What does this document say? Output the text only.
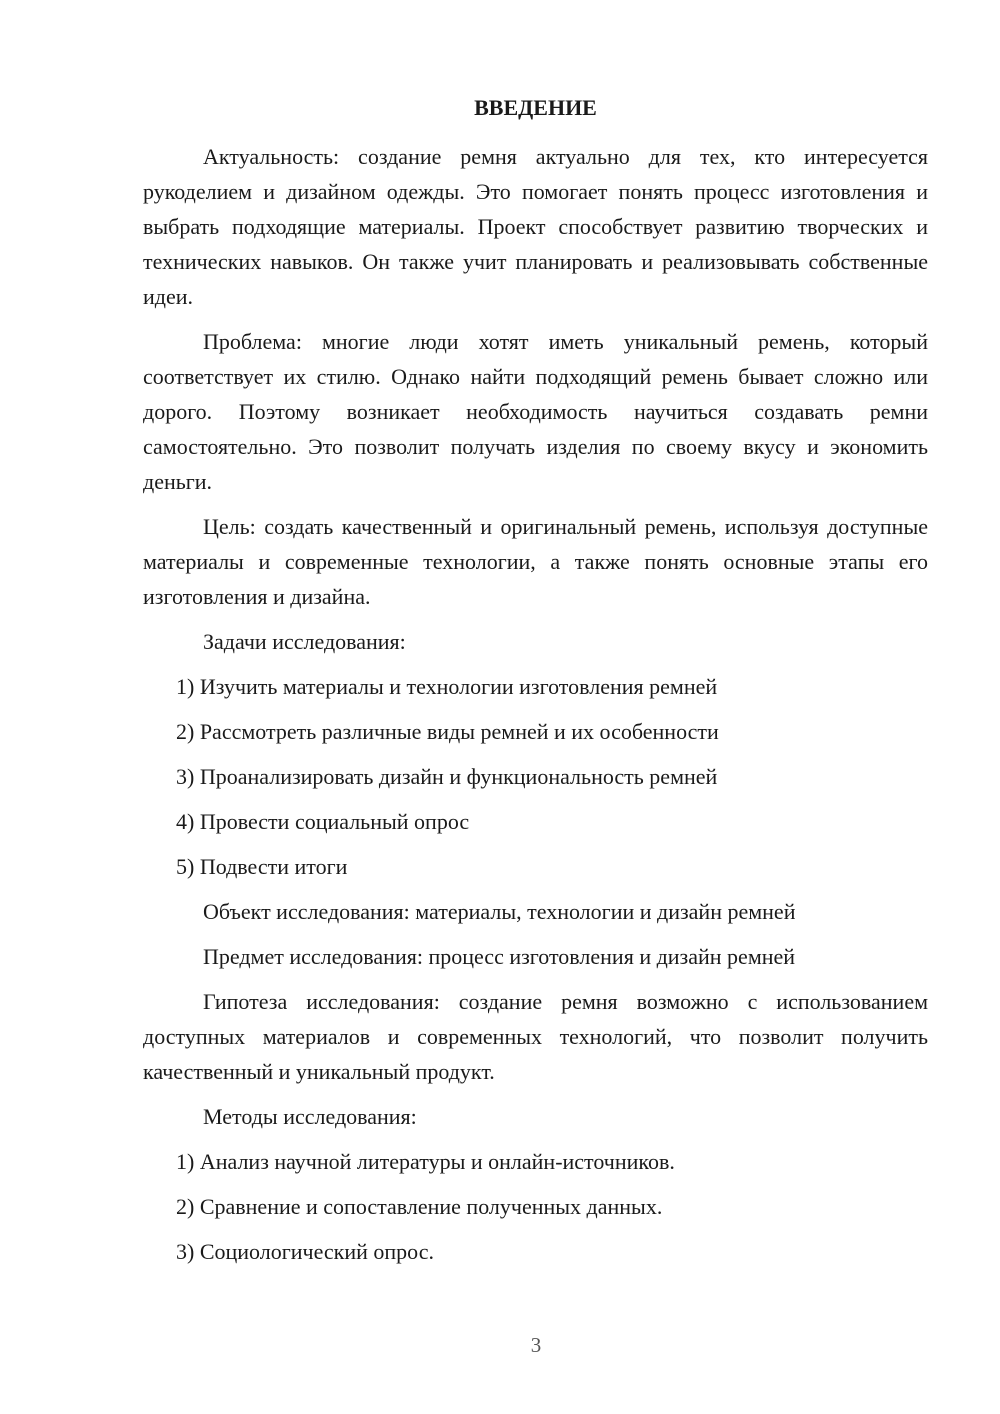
ВВЕДЕНИЕ

Актуальность: создание ремня актуально для тех, кто интересуется рукоделием и дизайном одежды. Это помогает понять процесс изготовления и выбрать подходящие материалы. Проект способствует развитию творческих и технических навыков. Он также учит планировать и реализовывать собственные идеи.

Проблема: многие люди хотят иметь уникальный ремень, который соответствует их стилю. Однако найти подходящий ремень бывает сложно или дорого. Поэтому возникает необходимость научиться создавать ремни самостоятельно. Это позволит получать изделия по своему вкусу и экономить деньги.

Цель: создать качественный и оригинальный ремень, используя доступные материалы и современные технологии, а также понять основные этапы его изготовления и дизайна.

Задачи исследования:
1) Изучить материалы и технологии изготовления ремней
2) Рассмотреть различные виды ремней и их особенности
3) Проанализировать дизайн и функциональность ремней
4) Провести социальный опрос
5) Подвести итоги
Объект исследования: материалы, технологии и дизайн ремней
Предмет исследования: процесс изготовления и дизайн ремней

Гипотеза исследования: создание ремня возможно с использованием доступных материалов и современных технологий, что позволит получить качественный и уникальный продукт.

Методы исследования:
1) Анализ научной литературы и онлайн-источников.
2) Сравнение и сопоставление полученных данных.
3) Социологический опрос.
3
